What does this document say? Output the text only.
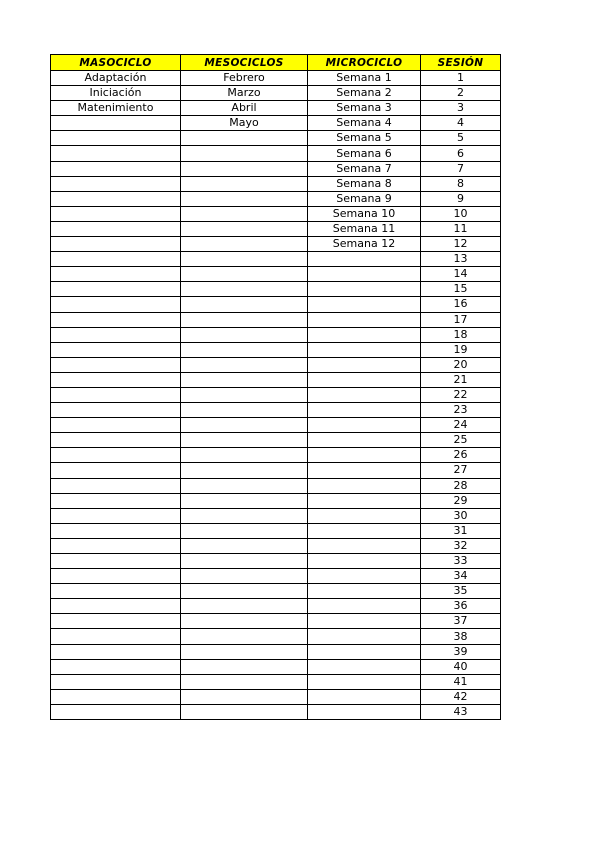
MASOCICLO	MESOCICLOS	MICROCICLO	SESIÓN
Adaptación	Febrero	Semana 1	1
Iniciación	Marzo	Semana 2	2
Matenimiento	Abril	Semana 3	3
	Mayo	Semana 4	4
		Semana 5	5
		Semana 6	6
		Semana 7	7
		Semana 8	8
		Semana 9	9
		Semana 10	10
		Semana 11	11
		Semana 12	12
			13
			14
			15
			16
			17
			18
			19
			20
			21
			22
			23
			24
			25
			26
			27
			28
			29
			30
			31
			32
			33
			34
			35
			36
			37
			38
			39
			40
			41
			42
			43
